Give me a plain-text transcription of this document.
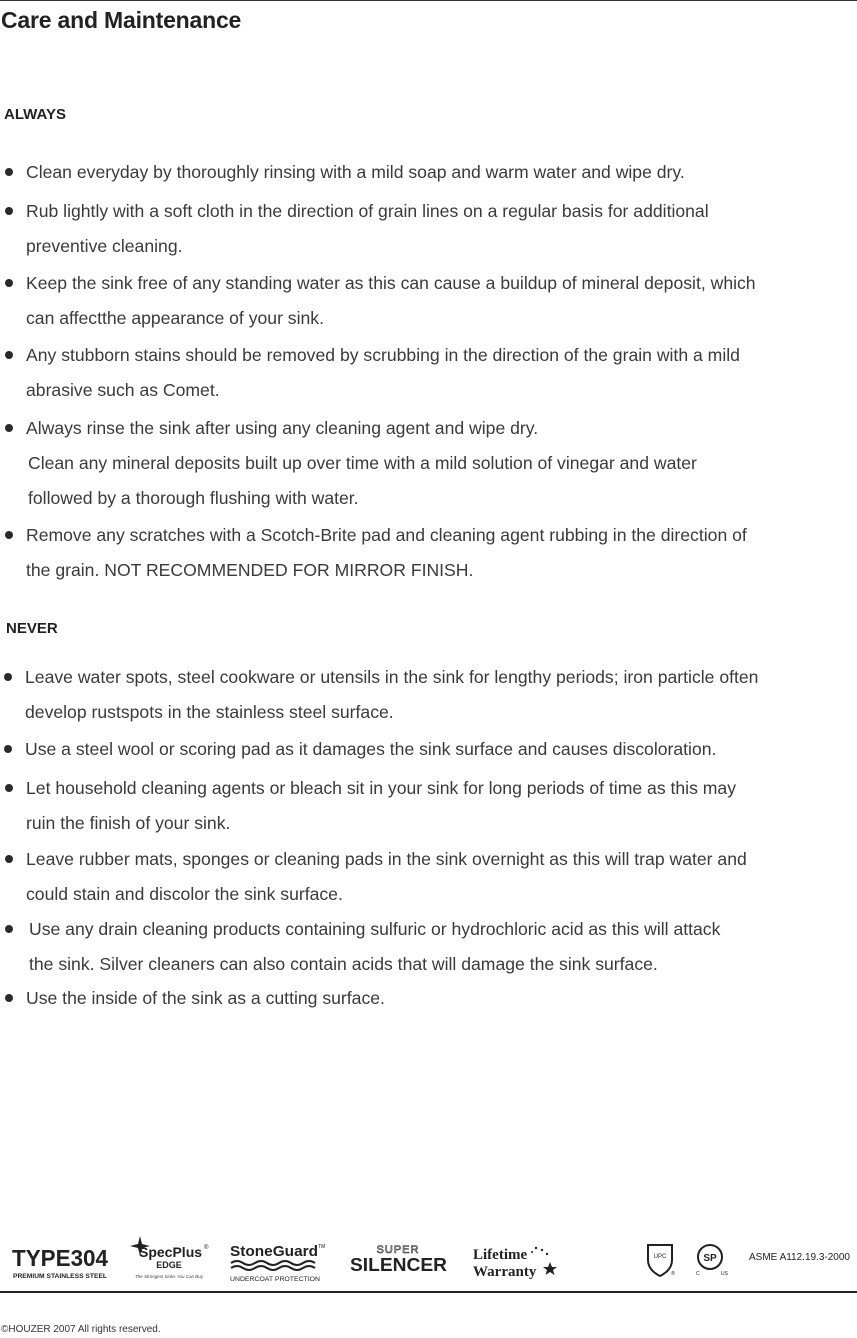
Care and Maintenance
ALWAYS
Clean everyday by thoroughly rinsing with a mild soap and warm water and wipe dry.
Rub lightly with a soft cloth in the direction of grain lines on a regular basis for additional
preventive cleaning.
Keep the sink free of any standing water as this can cause a buildup of mineral deposit, which
can affectthe appearance of your sink.
Any stubborn stains should be removed by scrubbing in the direction of the grain with a mild
abrasive such as Comet.
Always rinse the sink after using any cleaning agent and wipe dry.
Clean any mineral deposits built up over time with a mild solution of vinegar and water
followed by a thorough flushing with water.
Remove any scratches with a Scotch-Brite pad and cleaning agent rubbing in the direction of
the grain. NOT RECOMMENDED FOR MIRROR FINISH.
NEVER
Leave water spots, steel cookware or utensils in the sink for lengthy periods; iron particle often
develop rustspots in the stainless steel surface.
Use a steel wool or scoring pad as it damages the sink surface and causes discoloration.
Let household cleaning agents or bleach sit in your sink for long periods of time as this may
ruin the finish of your sink.
Leave rubber mats, sponges or cleaning pads in the sink overnight as this will trap water and
could stain and discolor the sink surface.
Use any drain cleaning products containing sulfuric or hydrochloric acid as this will attack
the sink. Silver cleaners can also contain acids that will damage the sink surface.
Use the inside of the sink as a cutting surface.
TYPE304
PREMIUM STAINLESS STEEL
SpecPlus ®
EDGE
The Strongest Sinks You Can Buy
StoneGuard TM
UNDERCOAT PROTECTION
SUPER
SILENCER Lifetime
Warranty
UPC
®
SP
C	US
ASME A112.19.3-2000
©HOUZER 2007 All rights reserved.
